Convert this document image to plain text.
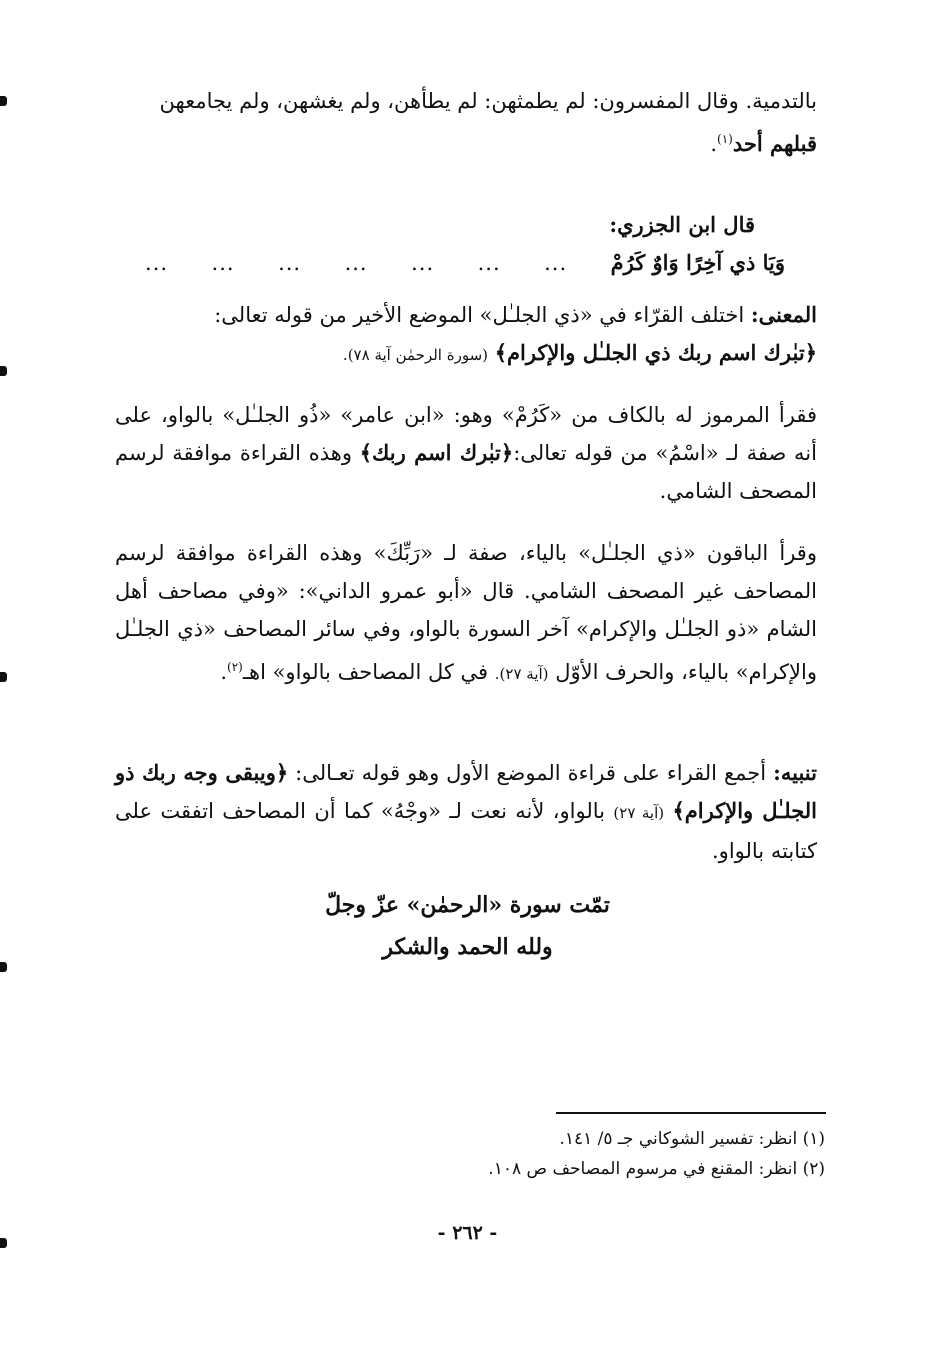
بالتدمية. وقال المفسرون: لم يطمثهن: لم يطأهن، ولم يغشهن، ولم يجامعهن

قبلهم أحد$^{(١)}$.

قال ابن الجزري:
وَيَا ذي آخِرًا وَاوٌ كَرُمْ
...
...
...
...
...
...
...

المعنى: اختلف القرّاء في «ذي الجلـٰل» الموضع الأخير من قوله تعالى:

﴿تبٰرك اسم ربك ذي الجلـٰل والإكرام﴾ (سورة الرحمٰن آية ٧٨).

فقرأ المرموز له بالكاف من «كَرُمْ» وهو: «ابن عامر» «ذُو الجلـٰل» بالواو، على أنه صفة لـ «اسْمُ» من قوله تعالى:﴿تبٰرك اسم ربك﴾ وهذه القراءة موافقة لرسم المصحف الشامي.

وقرأ الباقون «ذي الجلـٰل» بالياء، صفة لـ «رَبِّكَ» وهذه القراءة موافقة لرسم المصاحف غير المصحف الشامي. قال «أبو عمرو الداني»: «وفي مصاحف أهل الشام «ذو الجلـٰل والإكرام» آخر السورة بالواو، وفي سائر المصاحف «ذي الجلـٰل والإكرام» بالياء، والحرف الأوّل (آية ٢٧). في كل المصاحف بالواو» اهـ$^{(٢)}$.

تنبيه: أجمع القراء على قراءة الموضع الأول وهو قوله تعـالى: ﴿ويبقى وجه ربك ذو الجلـٰل والإكرام﴾ (آية ٢٧) بالواو، لأنه نعت لـ «وجْهُ» كما أن المصاحف اتفقت على كتابته بالواو.

تمّت سورة «الرحمٰن» عزّ وجلّ
ولله الحمد والشكر
(١) انظر: تفسير الشوكاني جـ ٥/ ١٤١.
(٢) انظر: المقنع في مرسوم المصاحف ص ١٠٨.
- ٢٦٢ -
